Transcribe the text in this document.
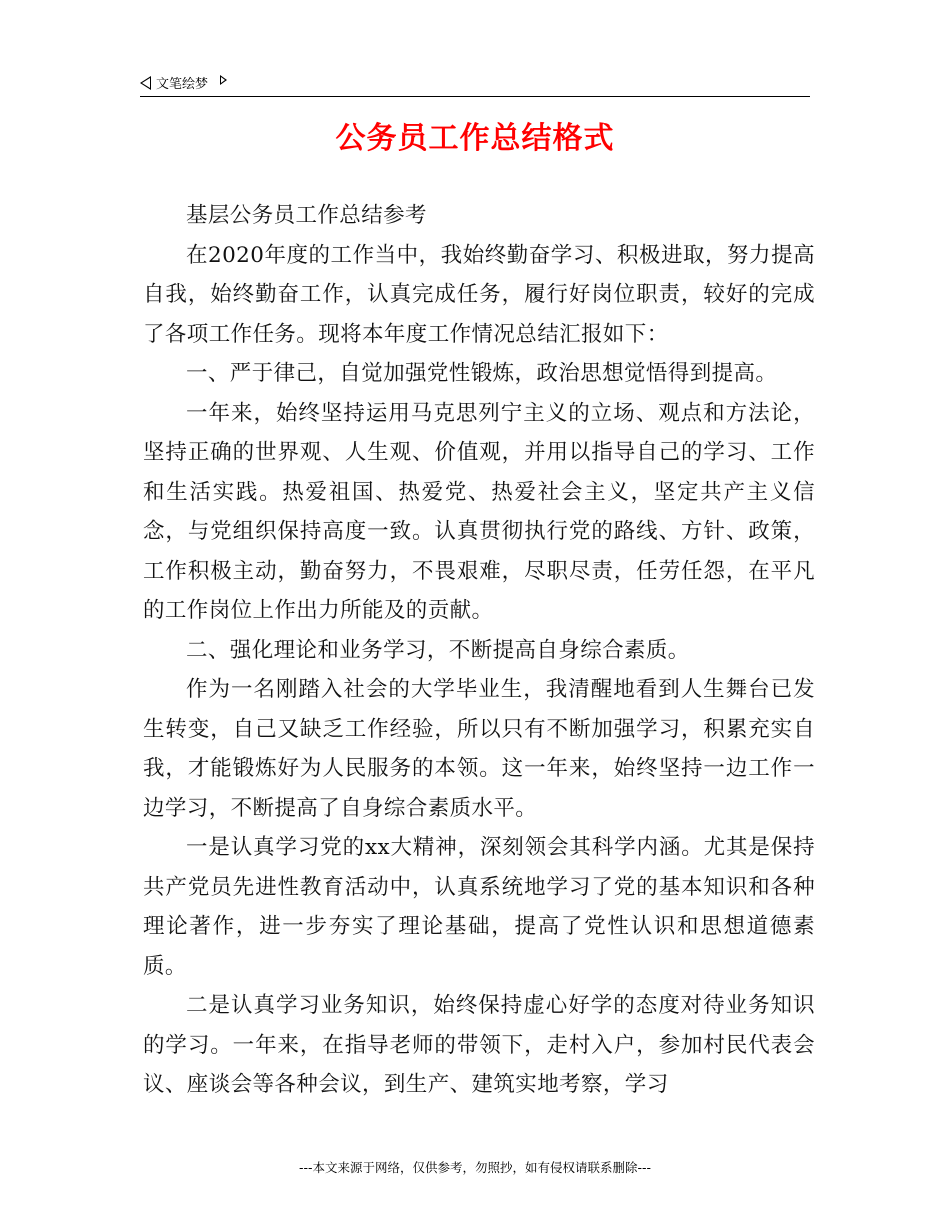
文笔绘梦
公务员工作总结格式

基层公务员工作总结参考

在2020年度的工作当中，我始终勤奋学习、积极进取，努力提高自我，始终勤奋工作，认真完成任务，履行好岗位职责，较好的完成了各项工作任务。现将本年度工作情况总结汇报如下：

一、严于律己，自觉加强党性锻炼，政治思想觉悟得到提高。

一年来，始终坚持运用马克思列宁主义的立场、观点和方法论，坚持正确的世界观、人生观、价值观，并用以指导自己的学习、工作和生活实践。热爱祖国、热爱党、热爱社会主义，坚定共产主义信念，与党组织保持高度一致。认真贯彻执行党的路线、方针、政策，工作积极主动，勤奋努力，不畏艰难，尽职尽责，任劳任怨，在平凡的工作岗位上作出力所能及的贡献。

二、强化理论和业务学习，不断提高自身综合素质。

作为一名刚踏入社会的大学毕业生，我清醒地看到人生舞台已发生转变，自己又缺乏工作经验，所以只有不断加强学习，积累充实自我，才能锻炼好为人民服务的本领。这一年来，始终坚持一边工作一边学习，不断提高了自身综合素质水平。

一是认真学习党的xx大精神，深刻领会其科学内涵。尤其是保持共产党员先进性教育活动中，认真系统地学习了党的基本知识和各种理论著作，进一步夯实了理论基础，提高了党性认识和思想道德素质。

二是认真学习业务知识，始终保持虚心好学的态度对待业务知识的学习。一年来，在指导老师的带领下，走村入户，参加村民代表会议、座谈会等各种会议，到生产、建筑实地考察，学习

---本文来源于网络，仅供参考，勿照抄，如有侵权请联系删除---
